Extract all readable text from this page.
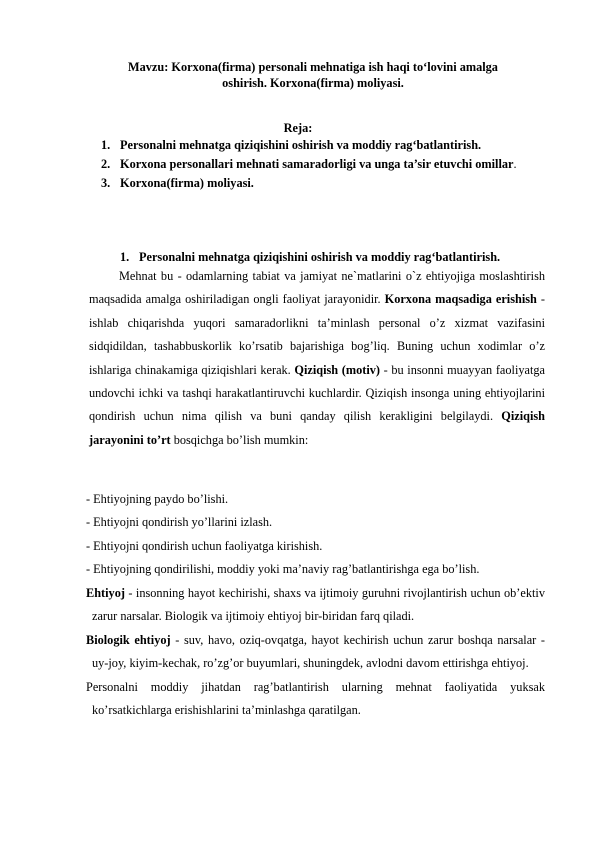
Mavzu: Korxona(firma) personali mehnatiga ish haqi to‘lovini amalga
oshirish. Korxona(firma) moliyasi.
Reja:
1. Personalni mehnatga qiziqishini oshirish va moddiy rag‘batlantirish.
2. Korxona personallari mehnati samaradorligi va unga ta’sir etuvchi omillar.
3. Korxona(firma) moliyasi.
1. Personalni mehnatga qiziqishini oshirish va moddiy rag‘batlantirish.

Mehnat bu - odamlarning tabiat va jamiyat ne`matlarini o`z ehtiyojiga moslashtirish maqsadida amalga oshiriladigan ongli faoliyat jarayonidir. Korxona maqsadiga erishish - ishlab chiqarishda yuqori samaradorlikni ta’minlash personal o’z xizmat vazifasini sidqidildan, tashabbuskorlik ko’rsatib bajarishiga bog’liq. Buning uchun xodimlar o’z ishlariga chinakamiga qiziqishlari kerak. Qiziqish (motiv) - bu insonni muayyan faoliyatga undovchi ichki va tashqi harakatlantiruvchi kuchlardir. Qiziqish insonga uning ehtiyojlarini qondirish uchun nima qilish va buni qanday qilish kerakligini belgilaydi. Qiziqish jarayonini to’rt bosqichga bo’lish mumkin:

- Ehtiyojning paydo bo’lishi.

- Ehtiyojni qondirish yo’llarini izlash.

- Ehtiyojni qondirish uchun faoliyatga kirishish.

- Ehtiyojning qondirilishi, moddiy yoki ma’naviy rag’batlantirishga ega bo’lish.

Ehtiyoj - insonning hayot kechirishi, shaxs va ijtimoiy guruhni rivojlantirish uchun ob’ektiv zarur narsalar. Biologik va ijtimoiy ehtiyoj bir-biridan farq qiladi.

Biologik ehtiyoj - suv, havo, oziq-ovqatga, hayot kechirish uchun zarur boshqa narsalar - uy-joy, kiyim-kechak, ro’zg’or buyumlari, shuningdek, avlodni davom ettirishga ehtiyoj.

Personalni moddiy jihatdan rag’batlantirish ularning mehnat faoliyatida yuksak ko’rsatkichlarga erishishlarini ta’minlashga qaratilgan.
